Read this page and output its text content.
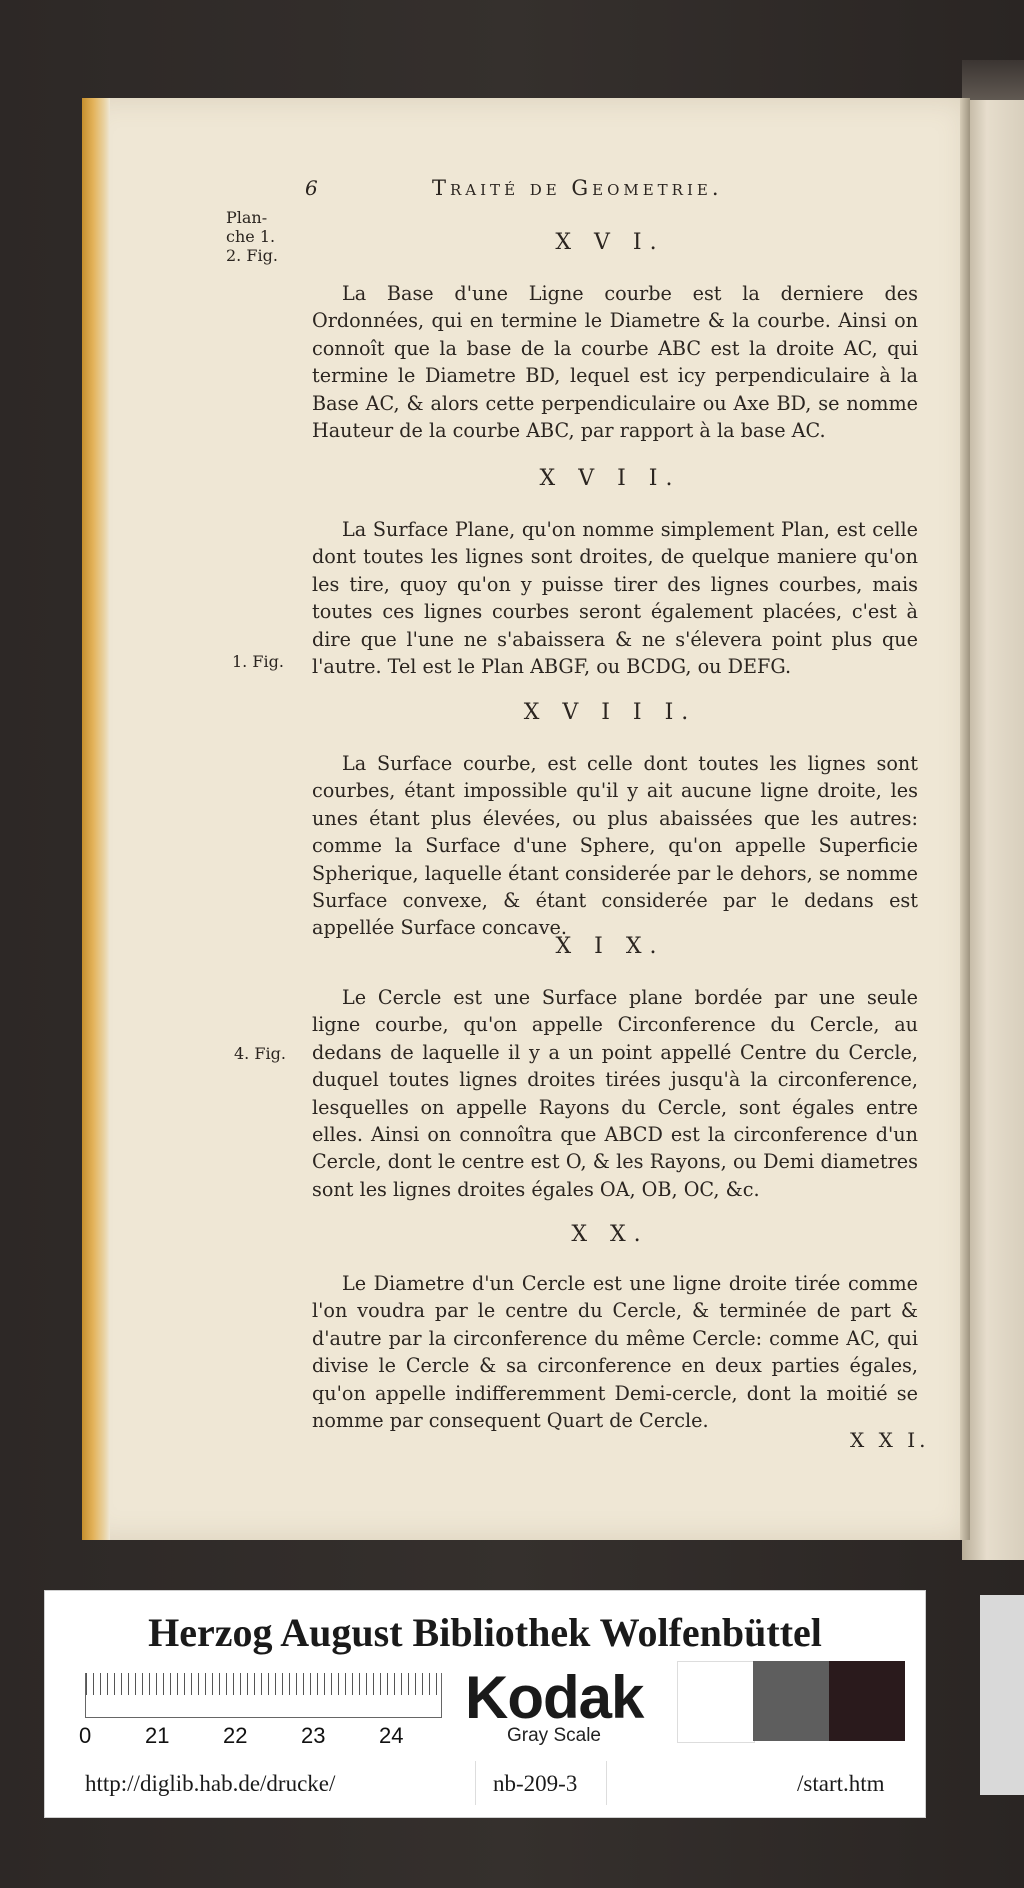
6	Traité de Geometrie.
Plan-
che 1.
2. Fig.
1. Fig.
4. Fig.
X V I.
La Base d'une Ligne courbe est la derniere des Ordonnées, qui en termine le Diametre & la courbe. Ainsi on connoît que la base de la courbe ABC est la droite AC, qui termine le Diametre BD, lequel est icy perpendiculaire à la Base AC, & alors cette perpendiculaire ou Axe BD, se nomme Hauteur de la courbe ABC, par rapport à la base AC.
X V I I.
La Surface Plane, qu'on nomme simplement Plan, est celle dont toutes les lignes sont droites, de quelque maniere qu'on les tire, quoy qu'on y puisse tirer des lignes courbes, mais toutes ces lignes courbes seront également placées, c'est à dire que l'une ne s'abaissera & ne s'élevera point plus que l'autre. Tel est le Plan ABGF, ou BCDG, ou DEFG.
X V I I I.
La Surface courbe, est celle dont toutes les lignes sont courbes, étant impossible qu'il y ait aucune ligne droite, les unes étant plus élevées, ou plus abaissées que les autres: comme la Surface d'une Sphere, qu'on appelle Superficie Spherique, laquelle étant considerée par le dehors, se nomme Surface convexe, & étant considerée par le dedans est appellée Surface concave.
X I X.
Le Cercle est une Surface plane bordée par une seule ligne courbe, qu'on appelle Circonference du Cercle, au dedans de laquelle il y a un point appellé Centre du Cercle, duquel toutes lignes droites tirées jusqu'à la circonference, lesquelles on appelle Rayons du Cercle, sont égales entre elles. Ainsi on connoîtra que ABCD est la circonference d'un Cercle, dont le centre est O, & les Rayons, ou Demi diametres sont les lignes droites égales OA, OB, OC, &c.
X X.
Le Diametre d'un Cercle est une ligne droite tirée comme l'on voudra par le centre du Cercle, & terminée de part & d'autre par la circonference du même Cercle: comme AC, qui divise le Cercle & sa circonference en deux parties égales, qu'on appelle indifferemment Demi-cercle, dont la moitié se nomme par consequent Quart de Cercle.
X X I.
Herzog August Bibliothek Wolfenbüttel
0 21 22 23 24
Kodak
Gray Scale
http://diglib.hab.de/drucke/	nb-209-3	/start.htm
